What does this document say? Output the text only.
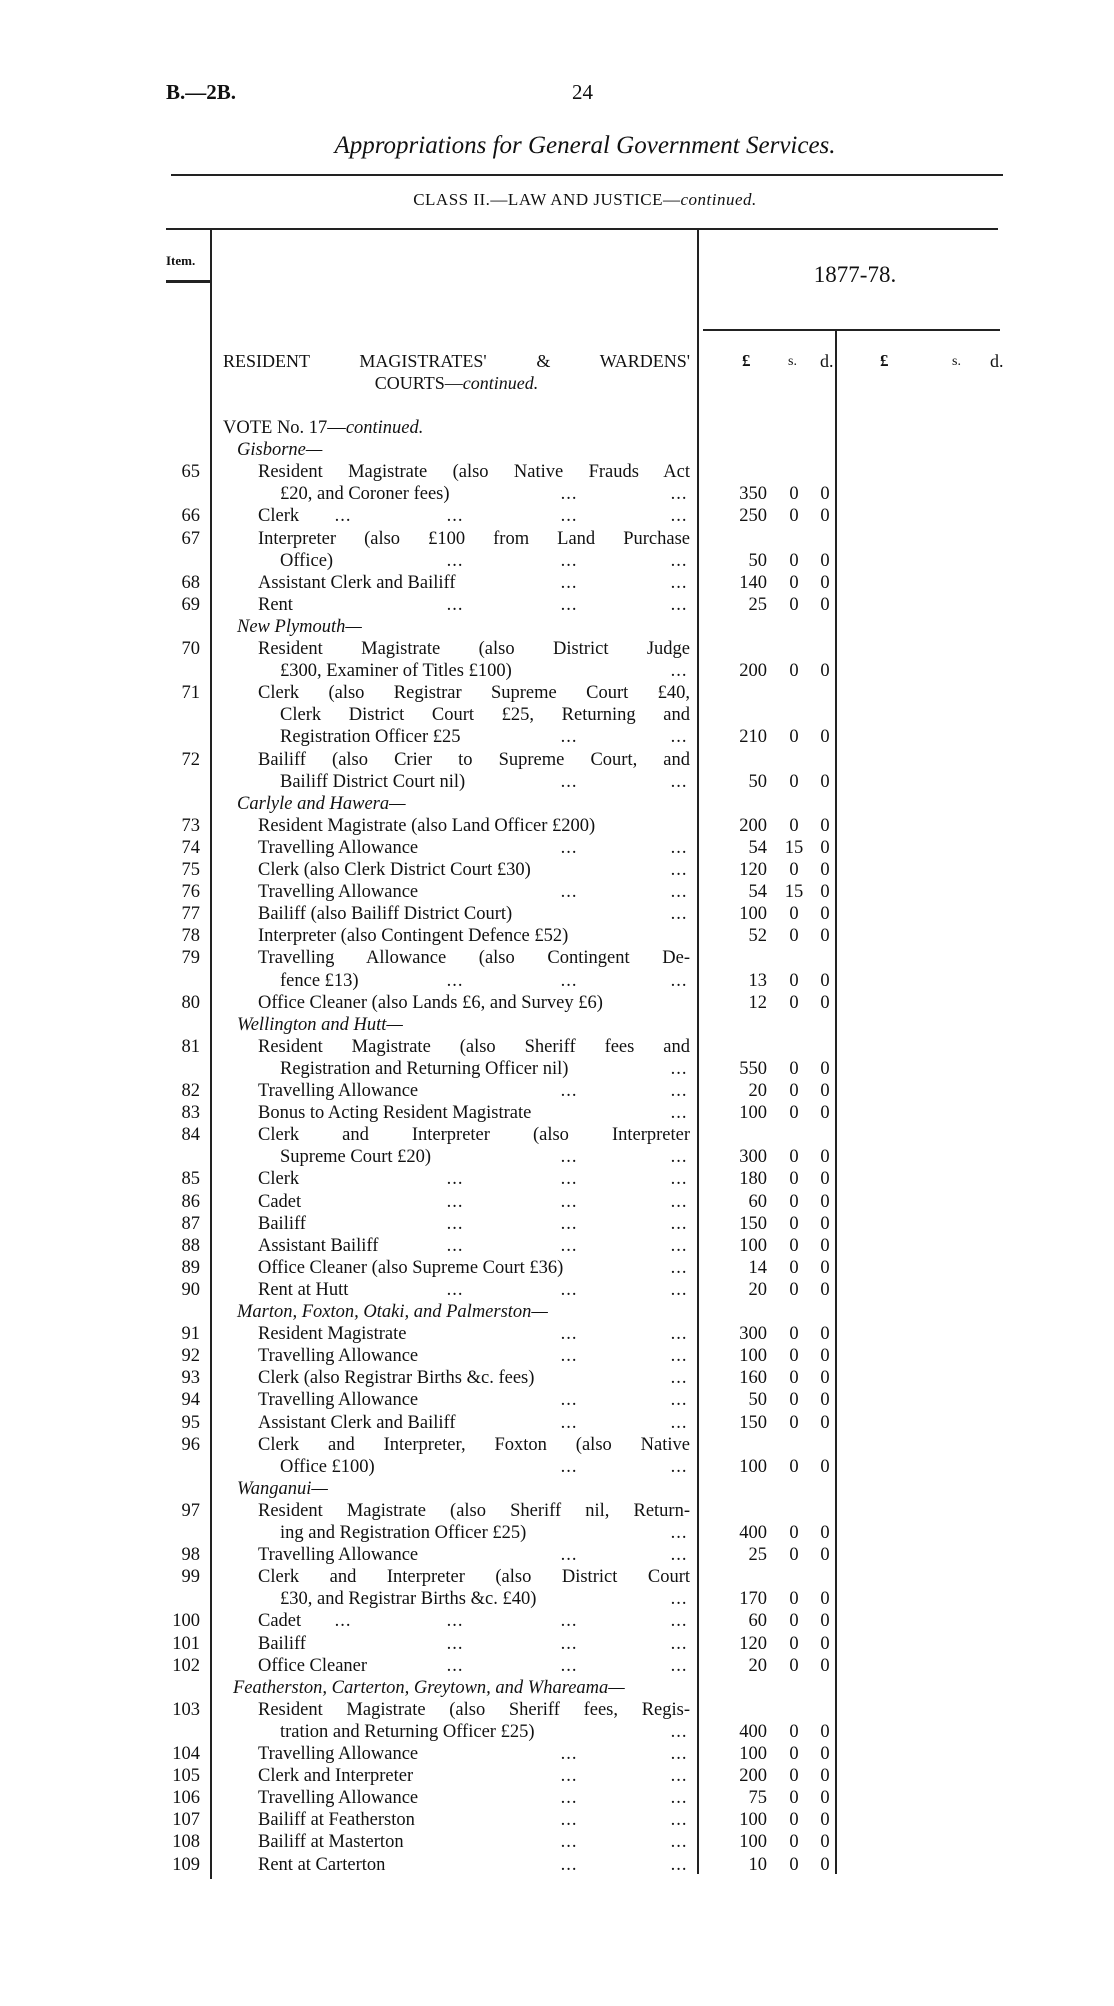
B.—2B.	24
Appropriations for General Government Services.
CLASS II.—LAW AND JUSTICE—continued.
Item.
1877-78.
RESIDENT MAGISTRATES' & WARDENS'
COURTS—continued.
£	s. d.	£	s. d.
VOTE No. 17—continued.
Gisborne—
65	Resident Magistrate (also Native Frauds Act
£20, and Coroner fees)	...	...	350	0	0
66	Clerk ...	...	...	...	250	0	0
67	Interpreter (also £100 from Land Purchase
Office)	...	...	...	50	0	0
68	Assistant Clerk and Bailiff	...	...	140	0	0
69	Rent	...	...	...	25	0	0
New Plymouth—
70	Resident Magistrate (also District Judge
£300, Examiner of Titles £100)	...	200	0	0
71	Clerk (also Registrar Supreme Court £40,
Clerk District Court £25, Returning and
Registration Officer £25	...	...	210	0	0
72	Bailiff (also Crier to Supreme Court, and
Bailiff District Court nil)	...	...	50	0	0
Carlyle and Hawera—
73	Resident Magistrate (also Land Officer £200)	200	0	0
74	Travelling Allowance	...	...	54 15 0
75	Clerk (also Clerk District Court £30)	...	120	0	0
76	Travelling Allowance	...	...	54 15 0
77	Bailiff (also Bailiff District Court)	...	100	0	0
78	Interpreter (also Contingent Defence £52)	52	0	0
79	Travelling Allowance (also Contingent De-
fence £13)	...	...	...	13	0	0
80	Office Cleaner (also Lands £6, and Survey £6)	12	0	0
Wellington and Hutt—
81	Resident Magistrate (also Sheriff fees and
Registration and Returning Officer nil)	...	550	0	0
82	Travelling Allowance	...	...	20	0	0
83	Bonus to Acting Resident Magistrate	...	100	0	0
84	Clerk and Interpreter (also Interpreter
Supreme Court £20)	...	...	300	0	0
85	Clerk	...	...	...	180	0	0
86	Cadet	...	...	...	60	0	0
87	Bailiff	...	...	...	150	0	0
88	Assistant Bailiff	...	...	...	100	0	0
89	Office Cleaner (also Supreme Court £36)	...	14	0	0
90	Rent at Hutt	...	...	...	20	0	0
Marton, Foxton, Otaki, and Palmerston—
91	Resident Magistrate	...	...	300	0	0
92	Travelling Allowance	...	...	100	0	0
93	Clerk (also Registrar Births &c. fees)	...	160	0	0
94	Travelling Allowance	...	...	50	0	0
95	Assistant Clerk and Bailiff	...	...	150	0	0
96	Clerk and Interpreter, Foxton (also Native
Office £100)	...	...	100	0	0
Wanganui—
97	Resident Magistrate (also Sheriff nil, Return-
ing and Registration Officer £25)	...	400	0	0
98	Travelling Allowance	...	...	25	0	0
99	Clerk and Interpreter (also District Court
£30, and Registrar Births &c. £40)	...	170	0	0
100	Cadet ...	...	...	...	60	0	0
101	Bailiff	...	...	...	120	0	0
102	Office Cleaner	...	...	...	20	0	0
Featherston, Carterton, Greytown, and Whareama—
103	Resident Magistrate (also Sheriff fees, Regis-
tration and Returning Officer £25)	...	400	0	0
104	Travelling Allowance	...	...	100	0	0
105	Clerk and Interpreter	...	...	200	0	0
106	Travelling Allowance	...	...	75	0	0
107	Bailiff at Featherston	...	...	100	0	0
108	Bailiff at Masterton	...	...	100	0	0
109	Rent at Carterton	...	...	10	0	0
